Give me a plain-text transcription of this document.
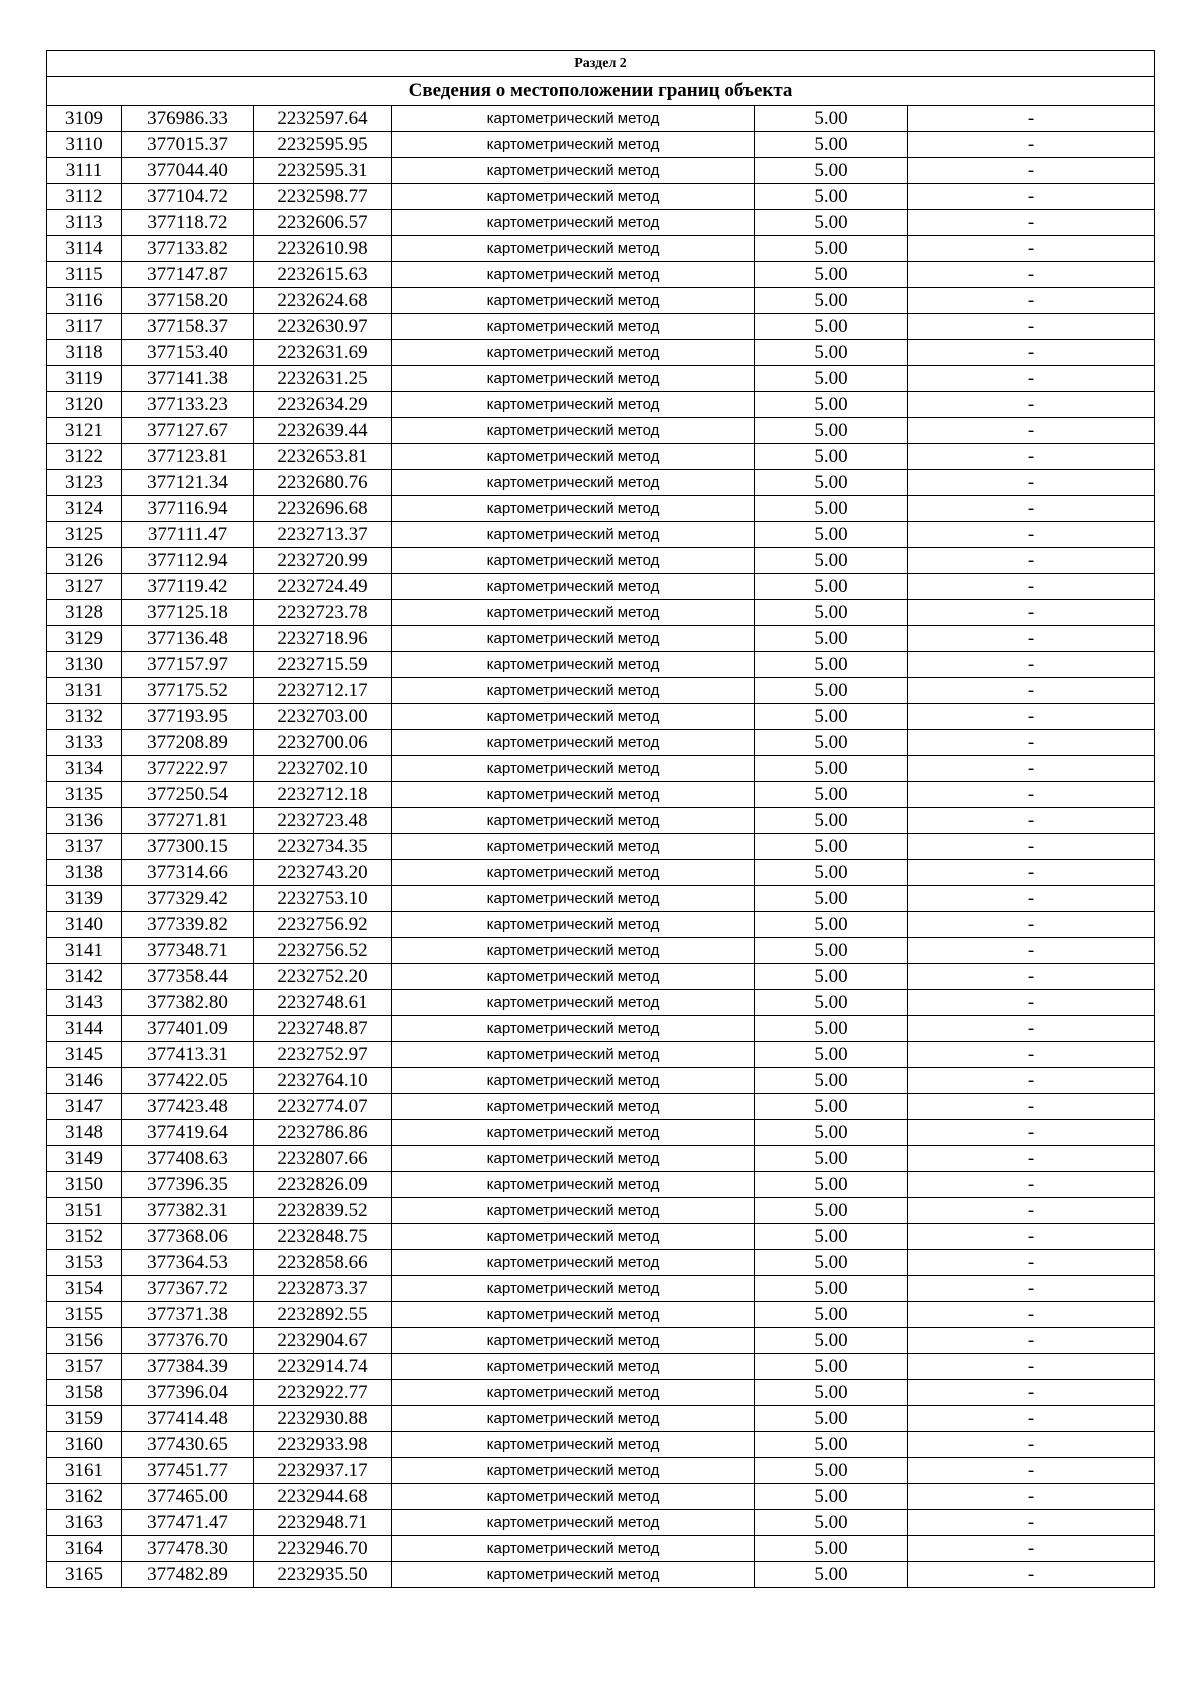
Раздел 2					
Сведения о местоположении границ объекта					
3109	376986.33	2232597.64	картометрический метод	5.00	-
3110	377015.37	2232595.95	картометрический метод	5.00	-
3111	377044.40	2232595.31	картометрический метод	5.00	-
3112	377104.72	2232598.77	картометрический метод	5.00	-
3113	377118.72	2232606.57	картометрический метод	5.00	-
3114	377133.82	2232610.98	картометрический метод	5.00	-
3115	377147.87	2232615.63	картометрический метод	5.00	-
3116	377158.20	2232624.68	картометрический метод	5.00	-
3117	377158.37	2232630.97	картометрический метод	5.00	-
3118	377153.40	2232631.69	картометрический метод	5.00	-
3119	377141.38	2232631.25	картометрический метод	5.00	-
3120	377133.23	2232634.29	картометрический метод	5.00	-
3121	377127.67	2232639.44	картометрический метод	5.00	-
3122	377123.81	2232653.81	картометрический метод	5.00	-
3123	377121.34	2232680.76	картометрический метод	5.00	-
3124	377116.94	2232696.68	картометрический метод	5.00	-
3125	377111.47	2232713.37	картометрический метод	5.00	-
3126	377112.94	2232720.99	картометрический метод	5.00	-
3127	377119.42	2232724.49	картометрический метод	5.00	-
3128	377125.18	2232723.78	картометрический метод	5.00	-
3129	377136.48	2232718.96	картометрический метод	5.00	-
3130	377157.97	2232715.59	картометрический метод	5.00	-
3131	377175.52	2232712.17	картометрический метод	5.00	-
3132	377193.95	2232703.00	картометрический метод	5.00	-
3133	377208.89	2232700.06	картометрический метод	5.00	-
3134	377222.97	2232702.10	картометрический метод	5.00	-
3135	377250.54	2232712.18	картометрический метод	5.00	-
3136	377271.81	2232723.48	картометрический метод	5.00	-
3137	377300.15	2232734.35	картометрический метод	5.00	-
3138	377314.66	2232743.20	картометрический метод	5.00	-
3139	377329.42	2232753.10	картометрический метод	5.00	-
3140	377339.82	2232756.92	картометрический метод	5.00	-
3141	377348.71	2232756.52	картометрический метод	5.00	-
3142	377358.44	2232752.20	картометрический метод	5.00	-
3143	377382.80	2232748.61	картометрический метод	5.00	-
3144	377401.09	2232748.87	картометрический метод	5.00	-
3145	377413.31	2232752.97	картометрический метод	5.00	-
3146	377422.05	2232764.10	картометрический метод	5.00	-
3147	377423.48	2232774.07	картометрический метод	5.00	-
3148	377419.64	2232786.86	картометрический метод	5.00	-
3149	377408.63	2232807.66	картометрический метод	5.00	-
3150	377396.35	2232826.09	картометрический метод	5.00	-
3151	377382.31	2232839.52	картометрический метод	5.00	-
3152	377368.06	2232848.75	картометрический метод	5.00	-
3153	377364.53	2232858.66	картометрический метод	5.00	-
3154	377367.72	2232873.37	картометрический метод	5.00	-
3155	377371.38	2232892.55	картометрический метод	5.00	-
3156	377376.70	2232904.67	картометрический метод	5.00	-
3157	377384.39	2232914.74	картометрический метод	5.00	-
3158	377396.04	2232922.77	картометрический метод	5.00	-
3159	377414.48	2232930.88	картометрический метод	5.00	-
3160	377430.65	2232933.98	картометрический метод	5.00	-
3161	377451.77	2232937.17	картометрический метод	5.00	-
3162	377465.00	2232944.68	картометрический метод	5.00	-
3163	377471.47	2232948.71	картометрический метод	5.00	-
3164	377478.30	2232946.70	картометрический метод	5.00	-
3165	377482.89	2232935.50	картометрический метод	5.00	-
